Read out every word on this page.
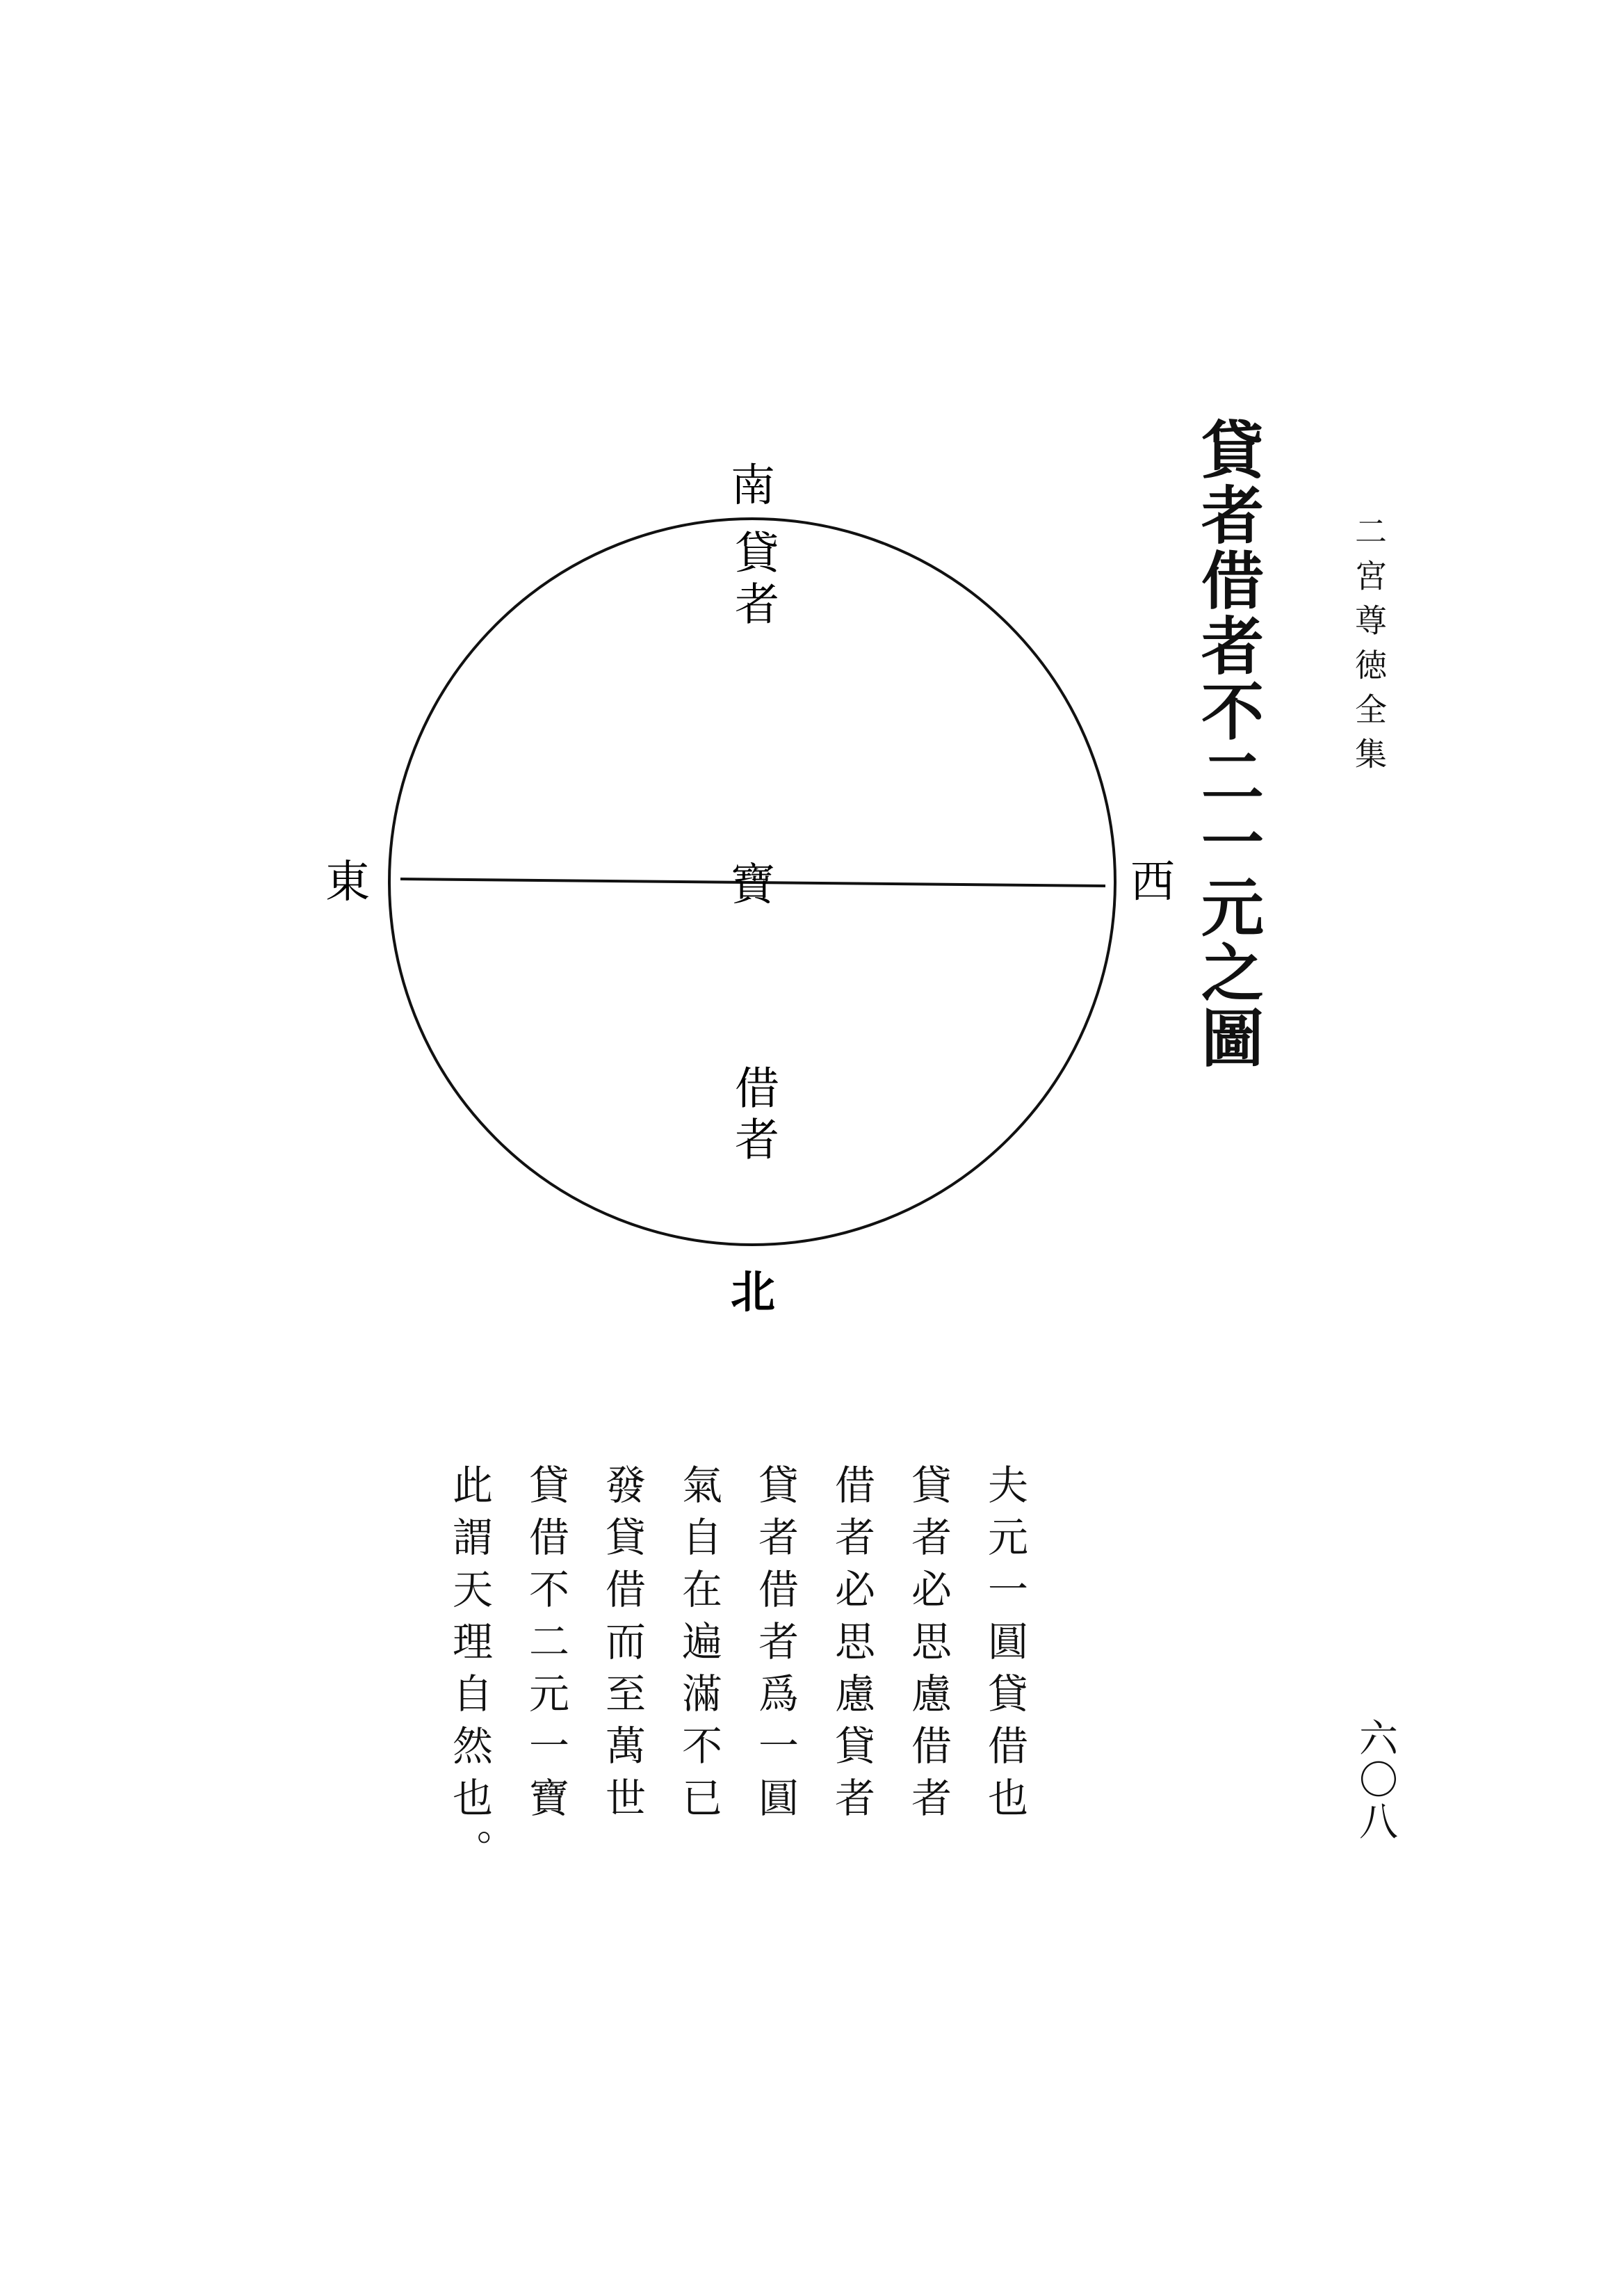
二宮尊徳全集
六〇八
貸者借者不二一元之圖
南
北
東	西
貸者
寶
借者
夫元一圓貸借也
貸者必思慮借者
借者必思慮貸者
貸者借者爲一圓
氣自在遍滿不已
發貸借而至萬世
貸借不二元一寶
此謂天理自然也。
